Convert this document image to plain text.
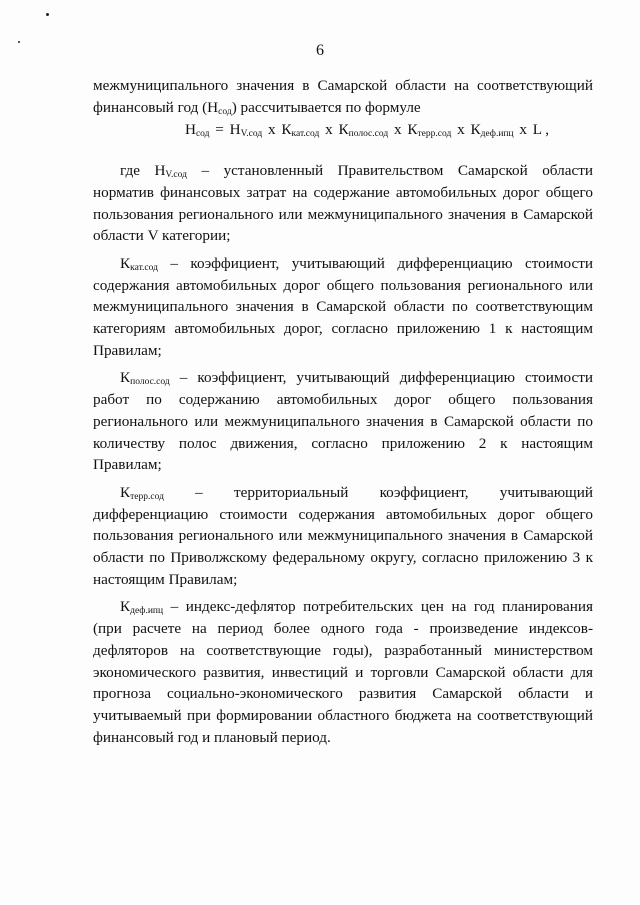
6

межмуниципального значения в Самарской области на соответствующий финансовый год $(Н_{сод})$ рассчитывается по формуле

$Н_{сод} = Н_{V.сод}$ х $К_{кат.сод}$ х $К_{полос.сод}$ х $К_{терр.сод}$ х $К_{деф.ипц}$ х L ,

где $Н_{V.сод}$ – установленный Правительством Самарской области норматив финансовых затрат на содержание автомобильных дорог общего пользования регионального или межмуниципального значения в Самарской области V категории;

$К_{кат.сод}$ – коэффициент, учитывающий дифференциацию стоимости содержания автомобильных дорог общего пользования регионального или межмуниципального значения в Самарской области по соответствующим категориям автомобильных дорог, согласно приложению 1 к настоящим Правилам;

$К_{полос.сод}$ – коэффициент, учитывающий дифференциацию стоимости работ по содержанию автомобильных дорог общего пользования регионального или межмуниципального значения в Самарской области по количеству полос движения, согласно приложению 2 к настоящим Правилам;

$К_{терр.сод}$ – территориальный коэффициент, учитывающий дифференциацию стоимости содержания автомобильных дорог общего пользования регионального или межмуниципального значения в Самарской области по Приволжскому федеральному округу, согласно приложению 3 к настоящим Правилам;

$К_{деф.ипц}$ – индекс-дефлятор потребительских цен на год планирования (при расчете на период более одного года - произведение индексов-дефляторов на соответствующие годы), разработанный министерством экономического развития, инвестиций и торговли Самарской области для прогноза социально-экономического развития Самарской области и учитываемый при формировании областного бюджета на соответствующий финансовый год и плановый период.
